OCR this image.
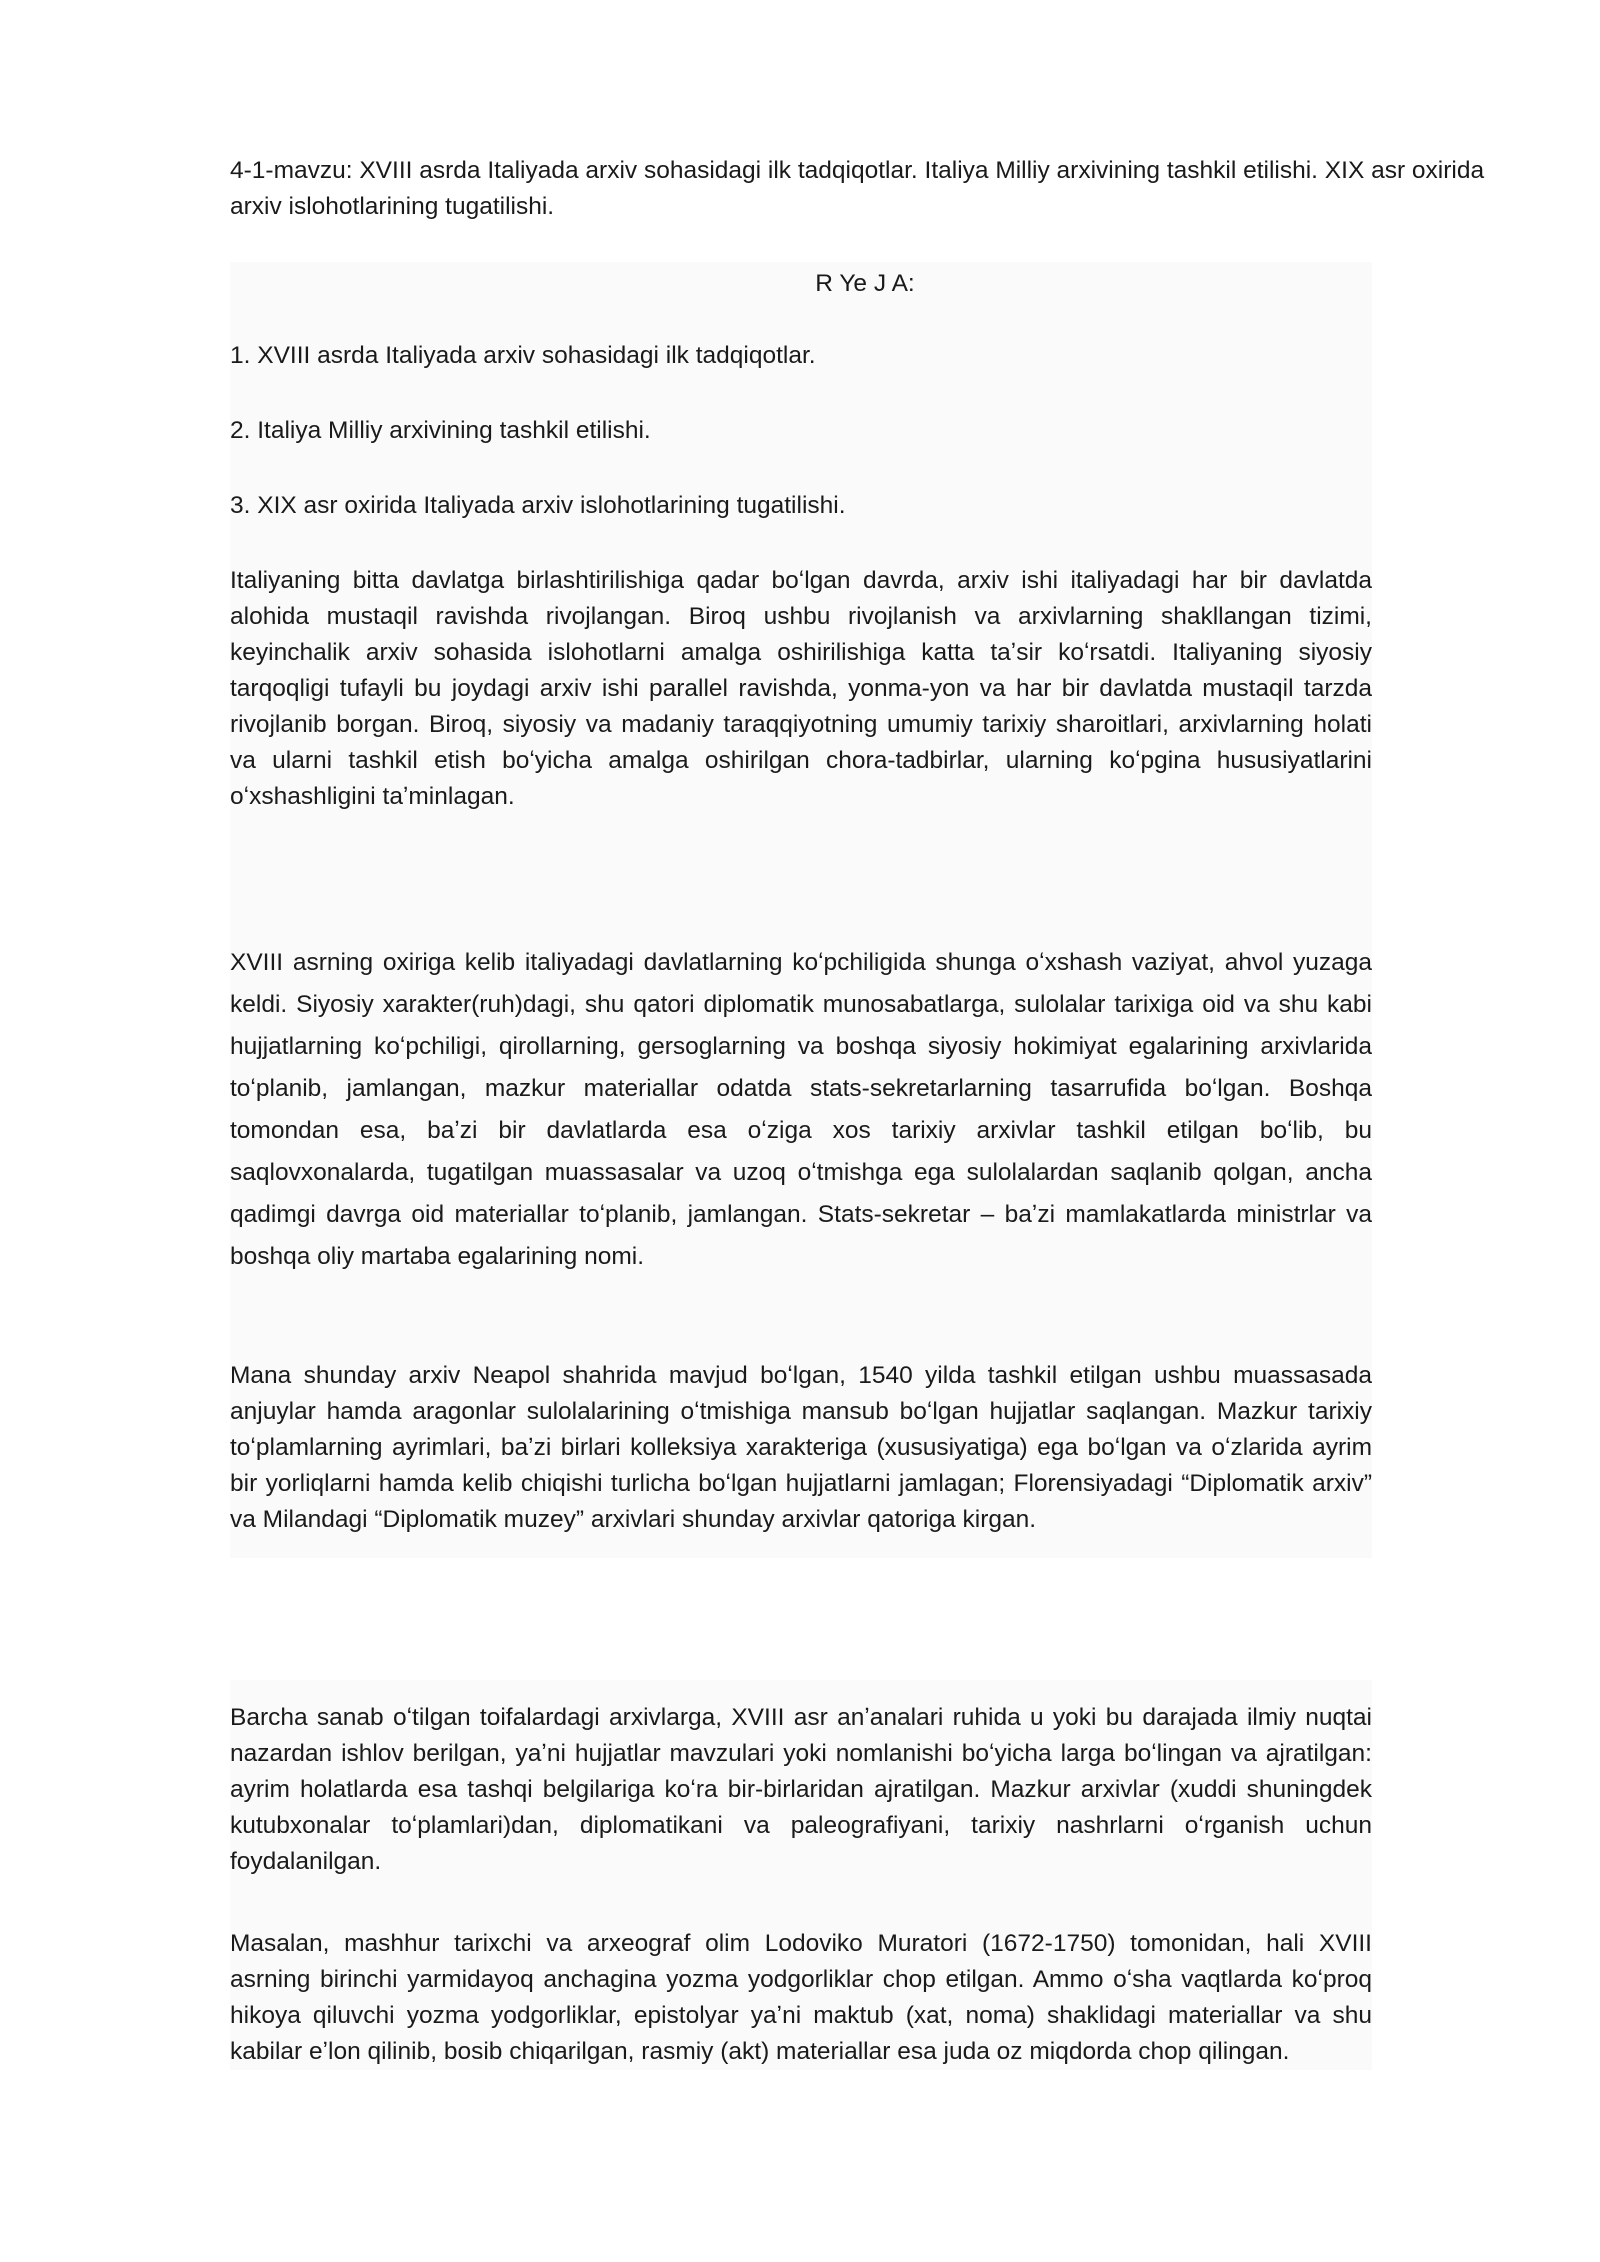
4-1-mavzu: XVIII asrda Italiyada arxiv sohasidagi ilk tadqiqotlar. Italiya Milliy arxivining tashkil etilishi. XIX asr oxirida arxiv islohotlarining tugatilishi.

R Ye J A:

1. XVIII asrda Italiyada arxiv sohasidagi ilk tadqiqotlar.

2. Italiya Milliy arxivining tashkil etilishi.

3. XIX asr oxirida Italiyada arxiv islohotlarining tugatilishi.

Italiyaning bitta davlatga birlashtirilishiga qadar boʻlgan davrda, arxiv ishi italiyadagi har bir davlatda alohida mustaqil ravishda rivojlangan. Biroq ushbu rivojlanish va arxivlarning shakllangan tizimi, keyinchalik arxiv sohasida islohotlarni amalga oshirilishiga katta taʼsir koʻrsatdi. Italiyaning siyosiy tarqoqligi tufayli bu joydagi arxiv ishi parallel ravishda, yonma-yon va har bir davlatda mustaqil tarzda rivojlanib borgan. Biroq, siyosiy va madaniy taraqqiyotning umumiy tarixiy sharoitlari, arxivlarning holati va ularni tashkil etish boʻyicha amalga oshirilgan chora-tadbirlar, ularning koʻpgina hususiyatlarini oʻxshashligini taʼminlagan.

XVIII asrning oxiriga kelib italiyadagi davlatlarning koʻpchiligida shunga oʻxshash vaziyat, ahvol yuzaga keldi. Siyosiy xarakter(ruh)dagi, shu qatori diplomatik munosabatlarga, sulolalar tarixiga oid va shu kabi hujjatlarning koʻpchiligi, qirollarning, gersoglarning va boshqa siyosiy hokimiyat egalarining arxivlarida toʻplanib, jamlangan, mazkur materiallar odatda stats-sekretarlarning tasarrufida boʻlgan. Boshqa tomondan esa, baʼzi bir davlatlarda esa oʻziga xos tarixiy arxivlar tashkil etilgan boʻlib, bu saqlovxonalarda, tugatilgan muassasalar va uzoq oʻtmishga ega sulolalardan saqlanib qolgan, ancha qadimgi davrga oid materiallar toʻplanib, jamlangan. Stats-sekretar – baʼzi mamlakatlarda ministrlar va boshqa oliy martaba egalarining nomi.

Mana shunday arxiv Neapol shahrida mavjud boʻlgan, 1540 yilda tashkil etilgan ushbu muassasada anjuylar hamda aragonlar sulolalarining oʻtmishiga mansub boʻlgan hujjatlar saqlangan. Mazkur tarixiy toʻplamlarning ayrimlari, baʼzi birlari kolleksiya xarakteriga (xususiyatiga) ega boʻlgan va oʻzlarida ayrim bir yorliqlarni hamda kelib chiqishi turlicha boʻlgan hujjatlarni jamlagan; Florensiyadagi “Diplomatik arxiv” va Milandagi “Diplomatik muzey” arxivlari shunday arxivlar qatoriga kirgan.

Barcha sanab oʻtilgan toifalardagi arxivlarga, XVIII asr anʼanalari ruhida u yoki bu darajada ilmiy nuqtai nazardan ishlov berilgan, yaʼni hujjatlar mavzulari yoki nomlanishi boʻyicha larga boʻlingan va ajratilgan: ayrim holatlarda esa tashqi belgilariga koʻra bir-birlaridan ajratilgan. Mazkur arxivlar (xuddi shuningdek kutubxonalar toʻplamlari)dan, diplomatikani va paleografiyani, tarixiy nashrlarni oʻrganish uchun foydalanilgan.

Masalan, mashhur tarixchi va arxeograf olim Lodoviko Muratori (1672-1750) tomonidan, hali XVIII asrning birinchi yarmidayoq anchagina yozma yodgorliklar chop etilgan. Ammo oʻsha vaqtlarda koʻproq hikoya qiluvchi yozma yodgorliklar, epistolyar yaʼni maktub (xat, noma) shaklidagi materiallar va shu kabilar eʼlon qilinib, bosib chiqarilgan, rasmiy (akt) materiallar esa juda oz miqdorda chop qilingan.
